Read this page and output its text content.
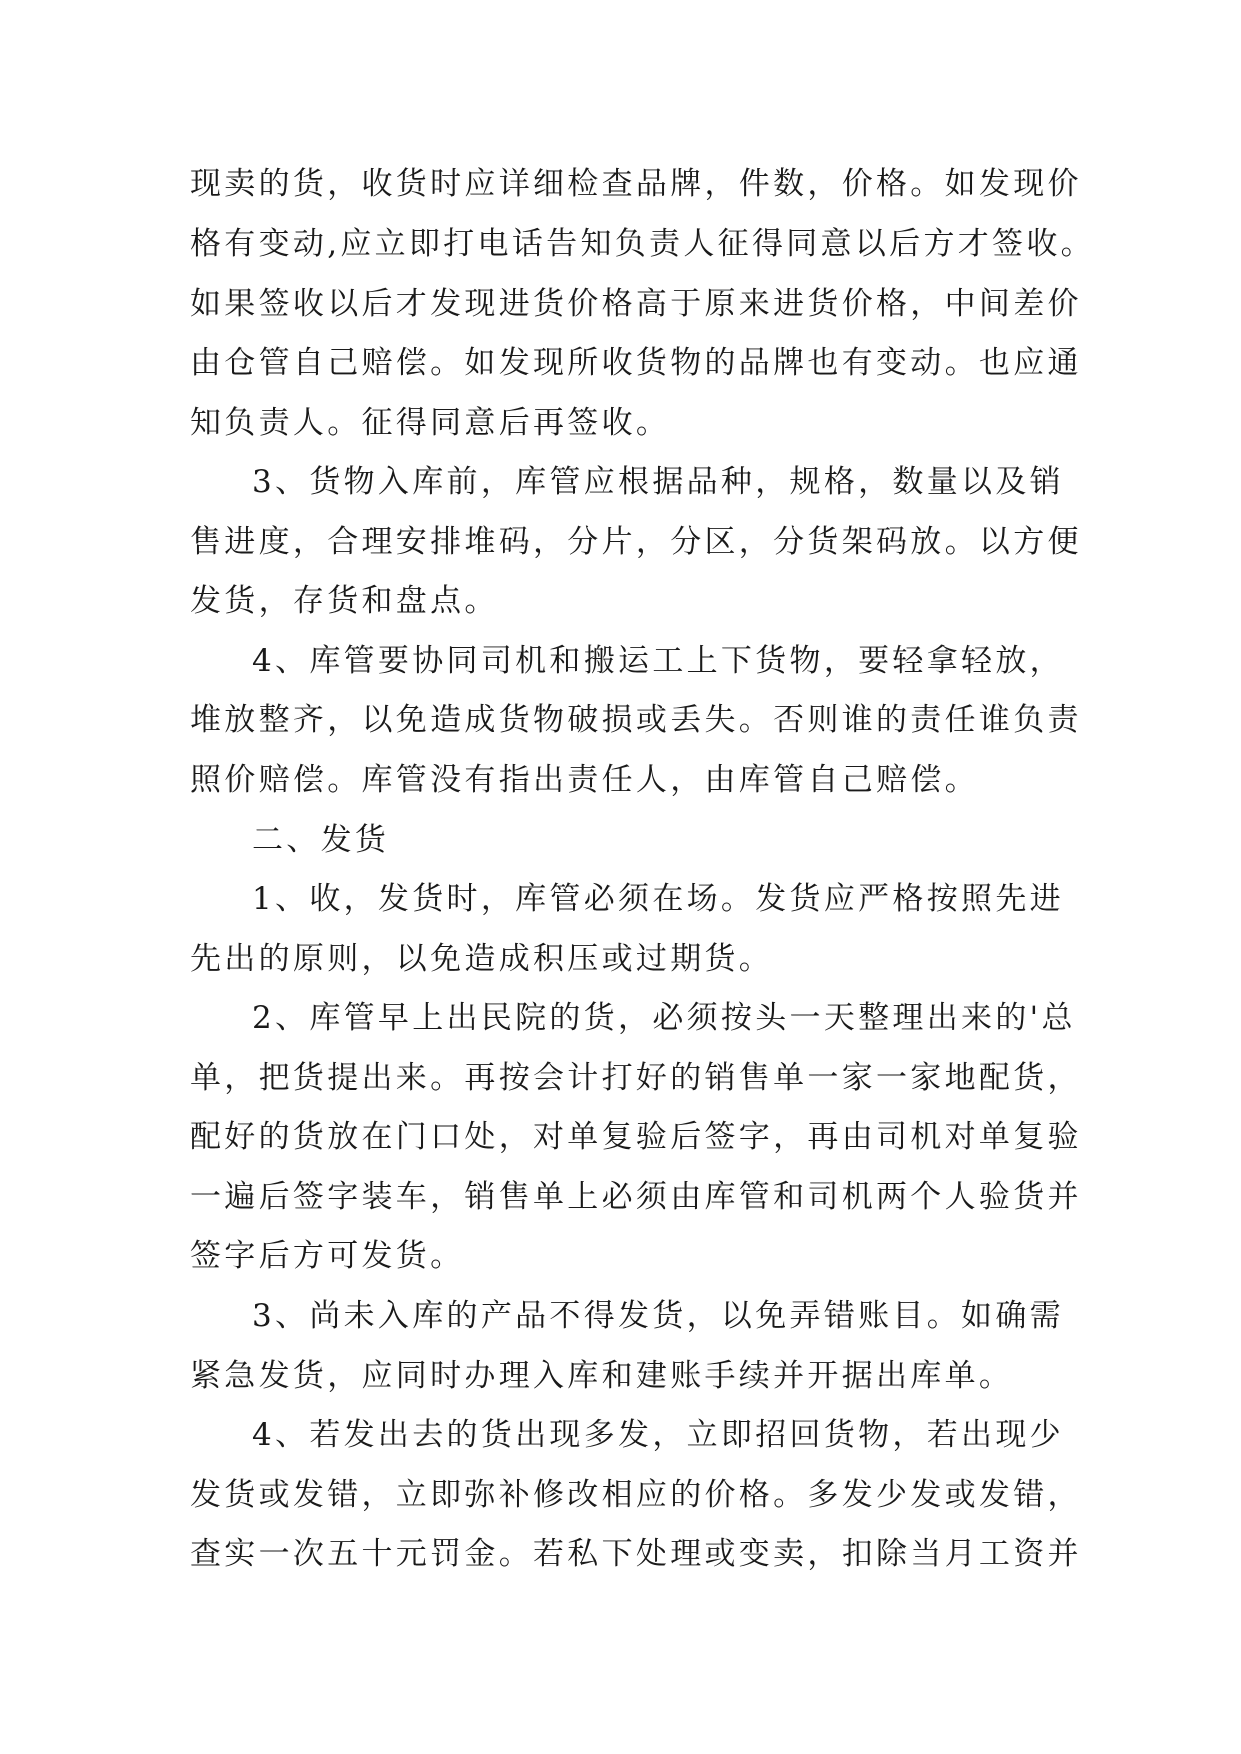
现卖的货，收货时应详细检查品牌，件数，价格。如发现价
格有变动,应立即打电话告知负责人征得同意以后方才签收。
如果签收以后才发现进货价格高于原来进货价格，中间差价
由仓管自己赔偿。如发现所收货物的品牌也有变动。也应通
知负责人。征得同意后再签收。
3、货物入库前，库管应根据品种，规格，数量以及销
售进度，合理安排堆码，分片，分区，分货架码放。以方便
发货，存货和盘点。
4、库管要协同司机和搬运工上下货物，要轻拿轻放，
堆放整齐，以免造成货物破损或丢失。否则谁的责任谁负责
照价赔偿。库管没有指出责任人，由库管自己赔偿。
二、发货
1、收，发货时，库管必须在场。发货应严格按照先进
先出的原则，以免造成积压或过期货。
2、库管早上出民院的货，必须按头一天整理出来的'总
单，把货提出来。再按会计打好的销售单一家一家地配货，
配好的货放在门口处，对单复验后签字，再由司机对单复验
一遍后签字装车，销售单上必须由库管和司机两个人验货并
签字后方可发货。
3、尚未入库的产品不得发货，以免弄错账目。如确需
紧急发货，应同时办理入库和建账手续并开据出库单。
4、若发出去的货出现多发，立即招回货物，若出现少
发货或发错，立即弥补修改相应的价格。多发少发或发错，
查实一次五十元罚金。若私下处理或变卖，扣除当月工资并
